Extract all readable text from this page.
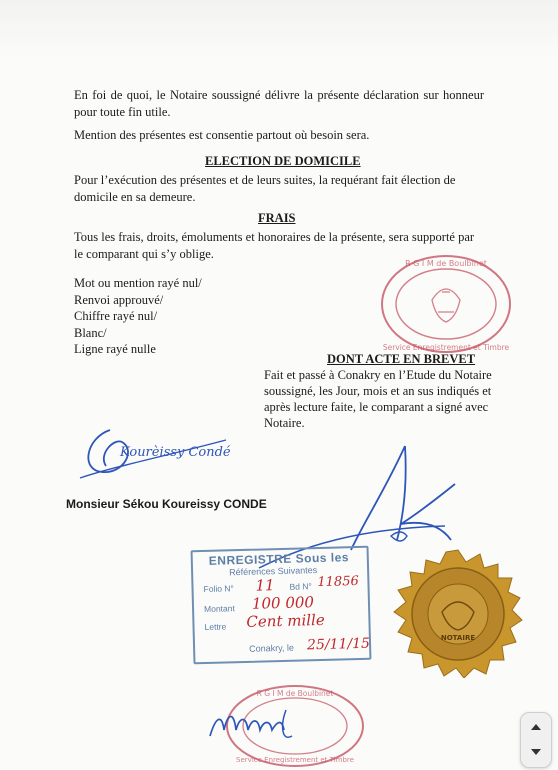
En foi de quoi, le Notaire soussigné délivre la présente déclaration sur honneur pour toute fin utile.

Mention des présentes est consentie partout où besoin sera.

ELECTION DE DOMICILE

Pour l’exécution des présentes et de leurs suites, la requérant fait élection de domicile en sa demeure.

FRAIS

Tous les frais, droits, émoluments et honoraires de la présente, sera supporté par le comparant qui s’y oblige.

Mot ou mention rayé nul/
Renvoi approuvé/
Chiffre rayé nul/
Blanc/
Ligne rayé nulle
R G I M de Boulbinet
Service Enregistrement et Timbre

DONT ACTE EN BREVET

Fait et passé à Conakry en l’Etude du Notaire soussigné, les Jour, mois et an sus indiqués et après lecture faite, le comparant a signé avec Notaire.

Kourèissy Condé
Monsieur Sékou Koureissy CONDE
ENREGISTRE Sous les
Références Suivantes
Folio N° 11 Bd N° 11856
Montant 100 000
Lettre Cent mille
Conakry, le 25/11/15	NOTAIRE
R G I M de Boulbinet
Service Enregistrement et Timbre
